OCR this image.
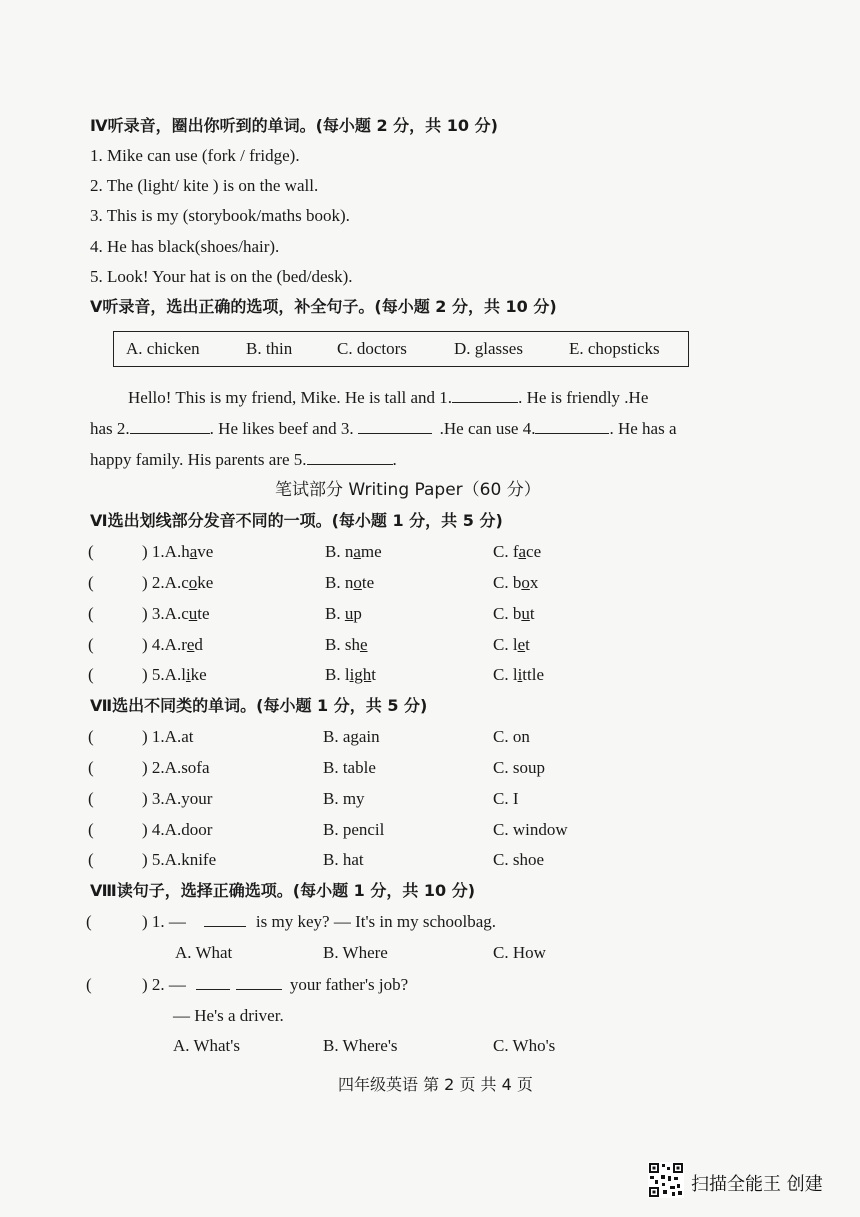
Ⅳ听录音，圈出你听到的单词。(每小题 2 分，共 10 分)
1. Mike can use (fork / fridge).
2. The (light/ kite ) is on the wall.
3. This is my (storybook/maths book).
4. He has black(shoes/hair).
5. Look! Your hat is on the (bed/desk).
Ⅴ听录音，选出正确的选项，补全句子。(每小题 2 分，共 10 分)
A. chicken	B. thin	C. doctors	D. glasses	E. chopsticks
Hello! This is my friend, Mike. He is tall and 1.	. He is friendly .He
has 2.	. He likes beef and 3.	.He can use 4.	. He has a
happy family. His parents are 5.	.
笔试部分 Writing Paper（60 分）
Ⅵ选出划线部分发音不同的一项。(每小题 1 分，共 5 分)
(	) 1.A.have	B. name	C. face
(	) 2.A.coke	B. note	C. box
(	) 3.A.cute	B. up	C. but
(	) 4.A.red	B. she	C. let
(	) 5.A.like	B. light	C. little
Ⅶ选出不同类的单词。(每小题 1 分，共 5 分)
(	) 1.A.at	B. again	C. on
(	) 2.A.sofa	B. table	C. soup
(	) 3.A.your	B. my	C. I
(	) 4.A.door	B. pencil	C. window
(	) 5.A.knife	B. hat	C. shoe
Ⅷ读句子，选择正确选项。(每小题 1 分，共 10 分)
(	) 1. —	is my key? — It's in my schoolbag.
A. What	B. Where	C. How
(	) 2. —	your father's job?
— He's a driver.
A. What's	B. Where's	C. Who's
四年级英语 第 2 页 共 4 页
扫描全能王 创建
